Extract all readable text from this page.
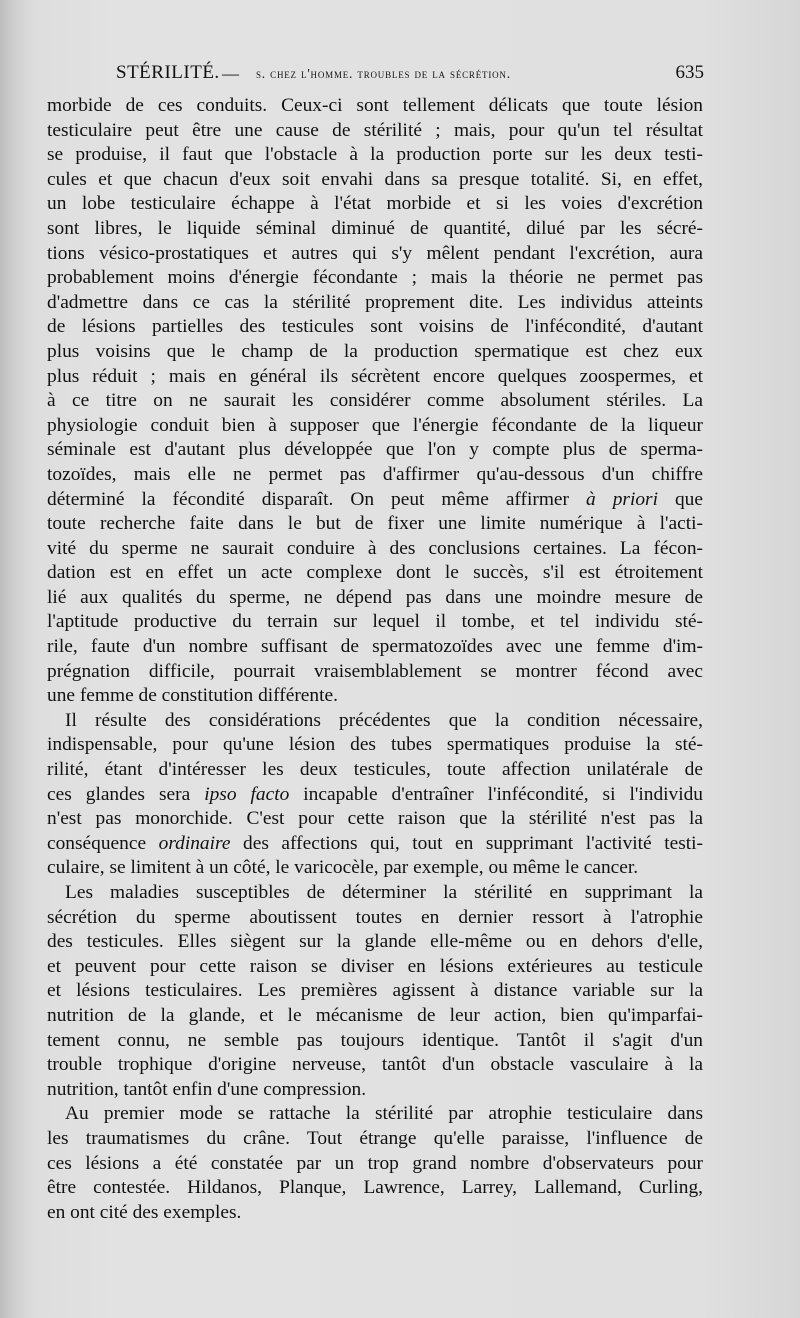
STÉRILITÉ. — s. chez l'homme. troubles de la sécrétion.	635
morbide de ces conduits. Ceux-ci sont tellement délicats que toute lésion
testiculaire peut être une cause de stérilité ; mais, pour qu'un tel résultat
se produise, il faut que l'obstacle à la production porte sur les deux testi-
cules et que chacun d'eux soit envahi dans sa presque totalité. Si, en effet,
un lobe testiculaire échappe à l'état morbide et si les voies d'excrétion
sont libres, le liquide séminal diminué de quantité, dilué par les sécré-
tions vésico-prostatiques et autres qui s'y mêlent pendant l'excrétion, aura
probablement moins d'énergie fécondante ; mais la théorie ne permet pas
d'admettre dans ce cas la stérilité proprement dite. Les individus atteints
de lésions partielles des testicules sont voisins de l'infécondité, d'autant
plus voisins que le champ de la production spermatique est chez eux
plus réduit ; mais en général ils sécrètent encore quelques zoospermes, et
à ce titre on ne saurait les considérer comme absolument stériles. La
physiologie conduit bien à supposer que l'énergie fécondante de la liqueur
séminale est d'autant plus développée que l'on y compte plus de sperma-
tozoïdes, mais elle ne permet pas d'affirmer qu'au-dessous d'un chiffre
déterminé la fécondité disparaît. On peut même affirmer à priori que
toute recherche faite dans le but de fixer une limite numérique à l'acti-
vité du sperme ne saurait conduire à des conclusions certaines. La fécon-
dation est en effet un acte complexe dont le succès, s'il est étroitement
lié aux qualités du sperme, ne dépend pas dans une moindre mesure de
l'aptitude productive du terrain sur lequel il tombe, et tel individu sté-
rile, faute d'un nombre suffisant de spermatozoïdes avec une femme d'im-
prégnation difficile, pourrait vraisemblablement se montrer fécond avec
une femme de constitution différente.
Il résulte des considérations précédentes que la condition nécessaire,
indispensable, pour qu'une lésion des tubes spermatiques produise la sté-
rilité, étant d'intéresser les deux testicules, toute affection unilatérale de
ces glandes sera ipso facto incapable d'entraîner l'infécondité, si l'individu
n'est pas monorchide. C'est pour cette raison que la stérilité n'est pas la
conséquence ordinaire des affections qui, tout en supprimant l'activité testi-
culaire, se limitent à un côté, le varicocèle, par exemple, ou même le cancer.
Les maladies susceptibles de déterminer la stérilité en supprimant la
sécrétion du sperme aboutissent toutes en dernier ressort à l'atrophie
des testicules. Elles siègent sur la glande elle-même ou en dehors d'elle,
et peuvent pour cette raison se diviser en lésions extérieures au testicule
et lésions testiculaires. Les premières agissent à distance variable sur la
nutrition de la glande, et le mécanisme de leur action, bien qu'imparfai-
tement connu, ne semble pas toujours identique. Tantôt il s'agit d'un
trouble trophique d'origine nerveuse, tantôt d'un obstacle vasculaire à la
nutrition, tantôt enfin d'une compression.
Au premier mode se rattache la stérilité par atrophie testiculaire dans
les traumatismes du crâne. Tout étrange qu'elle paraisse, l'influence de
ces lésions a été constatée par un trop grand nombre d'observateurs pour
être contestée. Hildanos, Planque, Lawrence, Larrey, Lallemand, Curling,
en ont cité des exemples.
